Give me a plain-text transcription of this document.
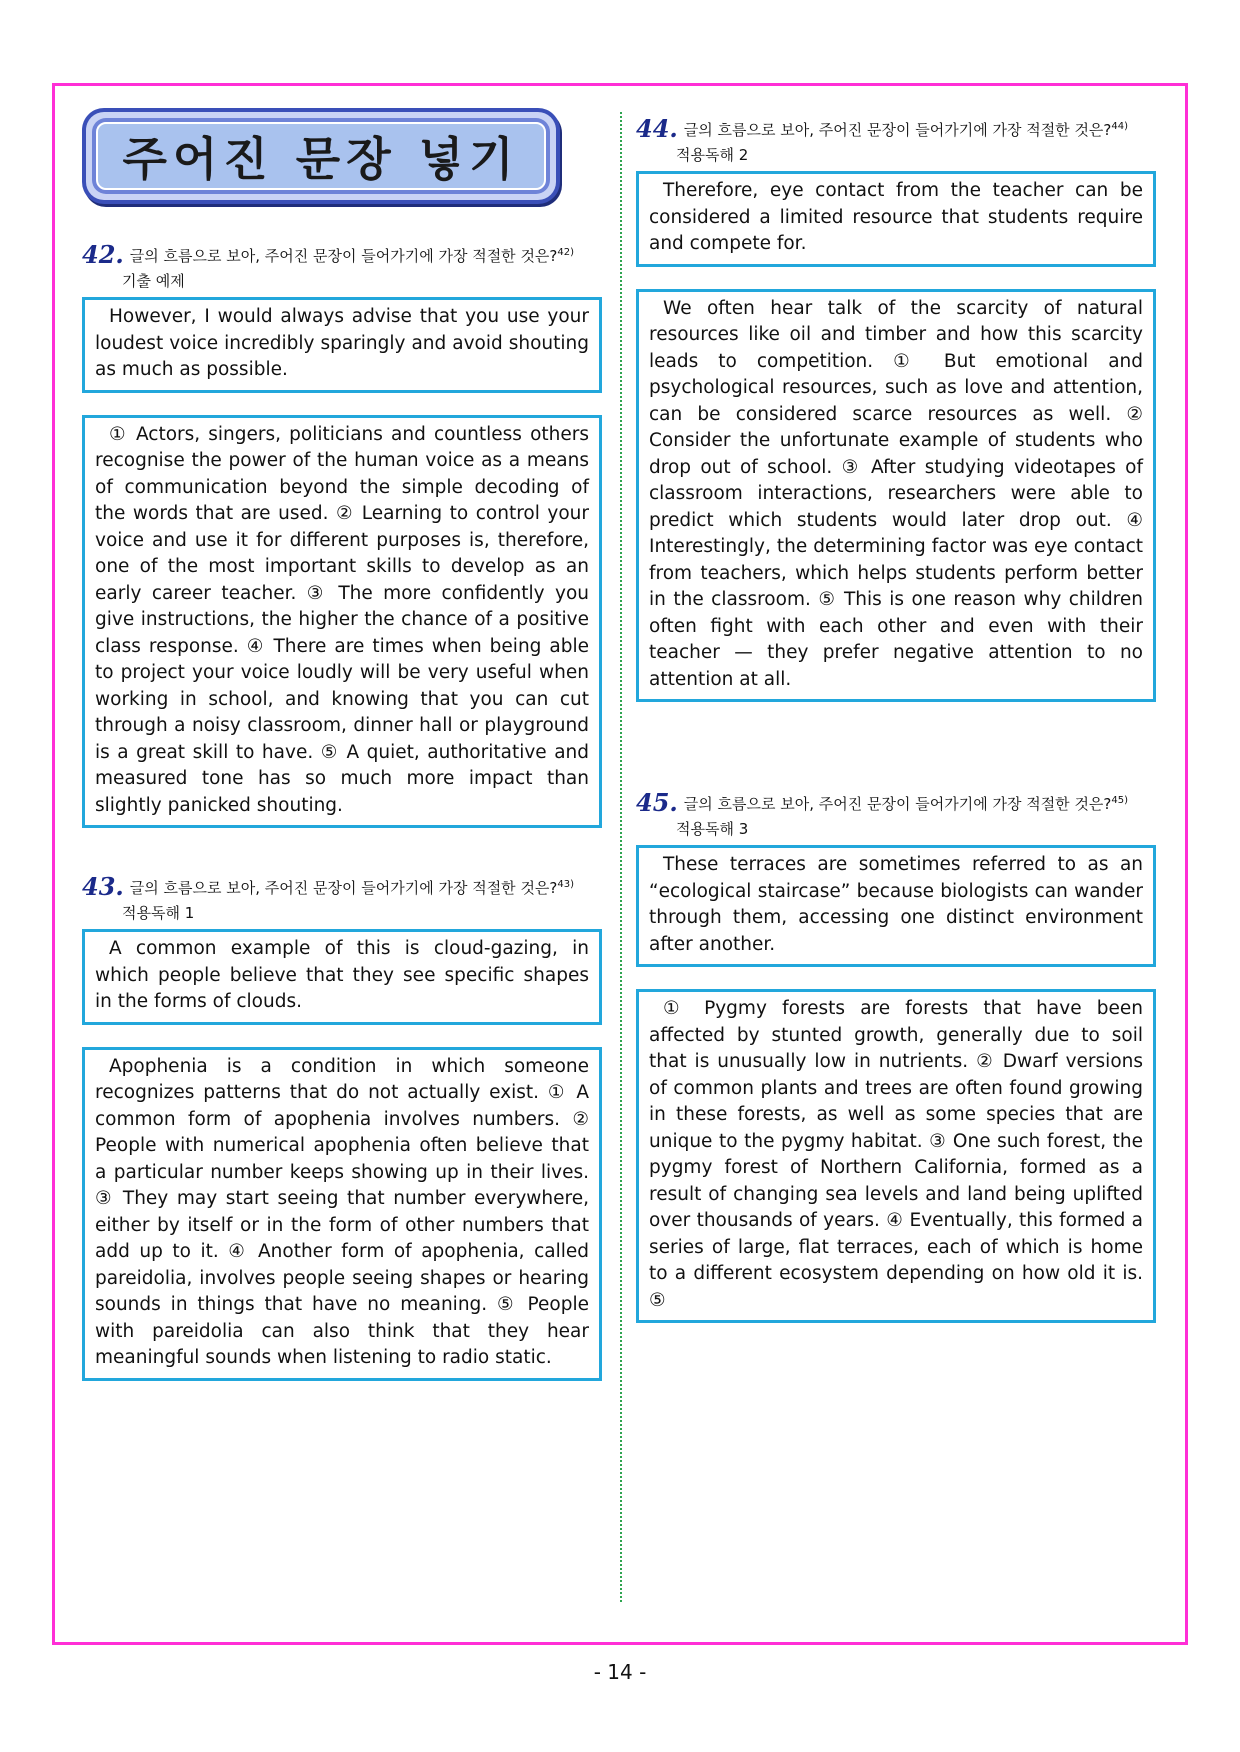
주어진 문장 넣기
42. 글의 흐름으로 보아, 주어진 문장이 들어가기에 가장 적절한 것은?$^{42)}$
기출 예제
However, I would always advise that you use your loudest voice incredibly sparingly and avoid shouting as much as possible.
① Actors, singers, politicians and countless others recognise the power of the human voice as a means of communication beyond the simple decoding of the words that are used. ② Learning to control your voice and use it for different purposes is, therefore, one of the most important skills to develop as an early career teacher. ③ The more confidently you give instructions, the higher the chance of a positive class response. ④ There are times when being able to project your voice loudly will be very useful when working in school, and knowing that you can cut through a noisy classroom, dinner hall or playground is a great skill to have. ⑤ A quiet, authoritative and measured tone has so much more impact than slightly panicked shouting.
43. 글의 흐름으로 보아, 주어진 문장이 들어가기에 가장 적절한 것은?$^{43)}$
적용독해 1
A common example of this is cloud-gazing, in which people believe that they see specific shapes in the forms of clouds.
Apophenia is a condition in which someone recognizes patterns that do not actually exist. ① A common form of apophenia involves numbers. ② People with numerical apophenia often believe that a particular number keeps showing up in their lives. ③ They may start seeing that number everywhere, either by itself or in the form of other numbers that add up to it. ④ Another form of apophenia, called pareidolia, involves people seeing shapes or hearing sounds in things that have no meaning. ⑤ People with pareidolia can also think that they hear meaningful sounds when listening to radio static.
44. 글의 흐름으로 보아, 주어진 문장이 들어가기에 가장 적절한 것은?$^{44)}$
적용독해 2
Therefore, eye contact from the teacher can be considered a limited resource that students require and compete for.
We often hear talk of the scarcity of natural resources like oil and timber and how this scarcity leads to competition. ① But emotional and psychological resources, such as love and attention, can be considered scarce resources as well. ② Consider the unfortunate example of students who drop out of school. ③ After studying videotapes of classroom interactions, researchers were able to predict which students would later drop out. ④ Interestingly, the determining factor was eye contact from teachers, which helps students perform better in the classroom. ⑤ This is one reason why children often fight with each other and even with their teacher — they prefer negative attention to no attention at all.
45. 글의 흐름으로 보아, 주어진 문장이 들어가기에 가장 적절한 것은?$^{45)}$
적용독해 3
These terraces are sometimes referred to as an “ecological staircase” because biologists can wander through them, accessing one distinct environment after another.
① Pygmy forests are forests that have been affected by stunted growth, generally due to soil that is unusually low in nutrients. ② Dwarf versions of common plants and trees are often found growing in these forests, as well as some species that are unique to the pygmy habitat. ③ One such forest, the pygmy forest of Northern California, formed as a result of changing sea levels and land being uplifted over thousands of years. ④ Eventually, this formed a series of large, flat terraces, each of which is home to a different ecosystem depending on how old it is. ⑤
- 14 -
